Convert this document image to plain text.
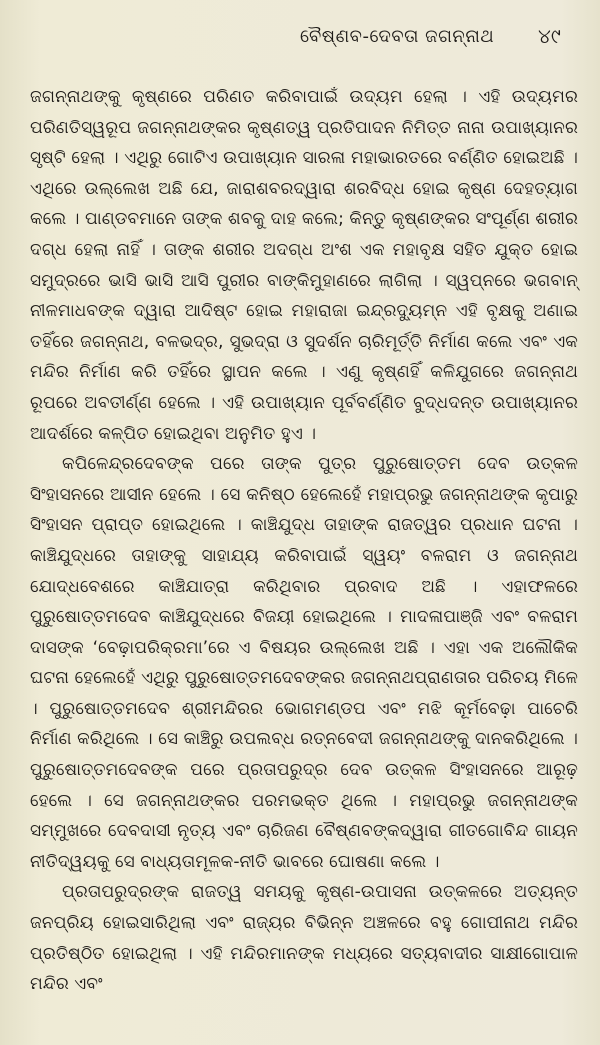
ବୈଷ୍ଣବ-ଦେବତା ଜଗନ୍ନାଥ ୪୯

ଜଗନ୍ନାଥଙ୍କୁ କୃଷ୍ଣରେ ପରିଣତ କରିବାପାଇଁ ଉଦ୍ୟମ ହେଲା । ଏହି ଉଦ୍ୟମର ପରିଣତିସ୍ୱରୂପ ଜଗନ୍ନାଥଙ୍କର କୃଷ୍ଣତ୍ୱ ପ୍ରତିପାଦନ ନିମିତ୍ତ ନାନା ଉପାଖ୍ୟାନର ସୃଷ୍ଟି ହେଲା । ଏଥିରୁ ଗୋଟିଏ ଉପାଖ୍ୟାନ ସାରଳା ମହାଭାରତରେ ବର୍ଣ୍ଣିତ ହୋଇଅଛି । ଏଥିରେ ଉଲ୍ଲେଖ ଅଛି ଯେ, ଜାରାଶବରଦ୍ୱାରା ଶରବିଦ୍ଧ ହୋଇ କୃଷ୍ଣ ଦେହତ୍ୟାଗ କଲେ । ପାଣ୍ଡବମାନେ ତାଙ୍କ ଶବକୁ ଦାହ କଲେ; କିନ୍ତୁ କୃଷ୍ଣଙ୍କର ସଂପୂର୍ଣ୍ଣ ଶରୀର ଦଗ୍ଧ ହେଲା ନାହିଁ । ତାଙ୍କ ଶରୀର ଅଦଗ୍ଧ ଅଂଶ ଏକ ମହାବୃକ୍ଷ ସହିତ ଯୁକ୍ତ ହୋଇ ସମୁଦ୍ରରେ ଭାସି ଭାସି ଆସି ପୁରୀର ବାଙ୍କିମୁହାଣରେ ଲାଗିଲା । ସ୍ୱପ୍ନରେ ଭଗବାନ୍ ନୀଳମାଧବଙ୍କ ଦ୍ୱାରା ଆଦିଷ୍ଟ ହୋଇ ମହାରାଜା ଇନ୍ଦ୍ରଦ୍ୟୁମ୍ନ ଏହି ବୃକ୍ଷକୁ ଅଣାଇ ତହିଁରେ ଜଗନ୍ନାଥ, ବଳଭଦ୍ର, ସୁଭଦ୍ରା ଓ ସୁଦର୍ଶନ ଚାରିମୂର୍ତ୍ତି ନିର୍ମାଣ କଲେ ଏବଂ ଏକ ମନ୍ଦିର ନିର୍ମାଣ କରି ତହିଁରେ ସ୍ଥାପନ କଲେ । ଏଣୁ କୃଷ୍ଣହିଁ କଳିଯୁଗରେ ଜଗନ୍ନାଥ ରୂପରେ ଅବତୀର୍ଣ୍ଣ ହେଲେ । ଏହି ଉପାଖ୍ୟାନ ପୂର୍ବବର୍ଣ୍ଣିତ ବୁଦ୍ଧଦନ୍ତ ଉପାଖ୍ୟାନର ଆଦର୍ଶରେ କଳ୍ପିତ ହୋଇଥିବା ଅନୁମିତ ହୁଏ ।

କପିଳେନ୍ଦ୍ରଦେବଙ୍କ ପରେ ତାଙ୍କ ପୁତ୍ର ପୁରୁଷୋତ୍ତମ ଦେବ ଉତ୍କଳ ସିଂହାସନରେ ଆସୀନ ହେଲେ । ସେ କନିଷ୍ଠ ହେଲେହେଁ ମହାପ୍ରଭୁ ଜଗନ୍ନାଥଙ୍କ କୃପାରୁ ସିଂହାସନ ପ୍ରାପ୍ତ ହୋଇଥିଲେ । କାଞ୍ଚିଯୁଦ୍ଧ ତାହାଙ୍କ ରାଜତ୍ୱର ପ୍ରଧାନ ଘଟନା । କାଞ୍ଚିଯୁଦ୍ଧରେ ତାହାଙ୍କୁ ସାହାଯ୍ୟ କରିବାପାଇଁ ସ୍ୱୟଂ ବଳରାମ ଓ ଜଗନ୍ନାଥ ଯୋଦ୍ଧବେଶରେ କାଞ୍ଚିଯାତ୍ରା କରିଥିବାର ପ୍ରବାଦ ଅଛି । ଏହାଫଳରେ ପୁରୁଷୋତ୍ତମଦେବ କାଞ୍ଚିଯୁଦ୍ଧରେ ବିଜୟୀ ହୋଇଥିଲେ । ମାଦଳାପାଞ୍ଜି ଏବଂ ବଳରାମ ଦାସଙ୍କ ‘ବେଢ଼ାପରିକ୍ରମା’ରେ ଏ ବିଷୟର ଉଲ୍ଲେଖ ଅଛି । ଏହା ଏକ ଅଲୌକିକ ଘଟନା ହେଲେହେଁ ଏଥିରୁ ପୁରୁଷୋତ୍ତମଦେବଙ୍କର ଜଗନ୍ନାଥପ୍ରାଣତାର ପରିଚୟ ମିଳେ । ପୁରୁଷୋତ୍ତମଦେବ ଶ୍ରୀମନ୍ଦିରର ଭୋଗମଣ୍ଡପ ଏବଂ ମଝି କୂର୍ମବେଢ଼ା ପାଚେରି ନିର୍ମାଣ କରିଥିଲେ । ସେ କାଞ୍ଚିରୁ ଉପଲବ୍ଧ ରତ୍ନବେଦୀ ଜଗନ୍ନାଥଙ୍କୁ ଦାନକରିଥିଲେ । ପୁରୁଷୋତ୍ତମଦେବଙ୍କ ପରେ ପ୍ରତାପରୁଦ୍ର ଦେବ ଉତ୍କଳ ସିଂହାସନରେ ଆରୂଢ଼ ହେଲେ । ସେ ଜଗନ୍ନାଥଙ୍କର ପରମଭକ୍ତ ଥିଲେ । ମହାପ୍ରଭୁ ଜଗନ୍ନାଥଙ୍କ ସମ୍ମୁଖରେ ଦେବଦାସୀ ନୃତ୍ୟ ଏବଂ ଚାରିଜଣ ବୈଷ୍ଣବଙ୍କଦ୍ୱାରା ଗୀତଗୋବିନ୍ଦ ଗାୟନ ନୀତିଦ୍ୱୟକୁ ସେ ବାଧ୍ୟତାମୂଳକ-ନୀତି ଭାବରେ ଘୋଷଣା କଲେ ।

ପ୍ରତାପରୁଦ୍ରଙ୍କ ରାଜତ୍ୱ ସମୟକୁ କୃଷ୍ଣ-ଉପାସନା ଉତ୍କଳରେ ଅତ୍ୟନ୍ତ ଜନପ୍ରିୟ ହୋଇସାରିଥିଲା ଏବଂ ରାଜ୍ୟର ବିଭିନ୍ନ ଅଞ୍ଚଳରେ ବହୁ ଗୋପୀନାଥ ମନ୍ଦିର ପ୍ରତିଷ୍ଠିତ ହୋଇଥିଲା । ଏହି ମନ୍ଦିରମାନଙ୍କ ମଧ୍ୟରେ ସତ୍ୟବାଦୀର ସାକ୍ଷୀଗୋପାଳ ମନ୍ଦିର ଏବଂ
